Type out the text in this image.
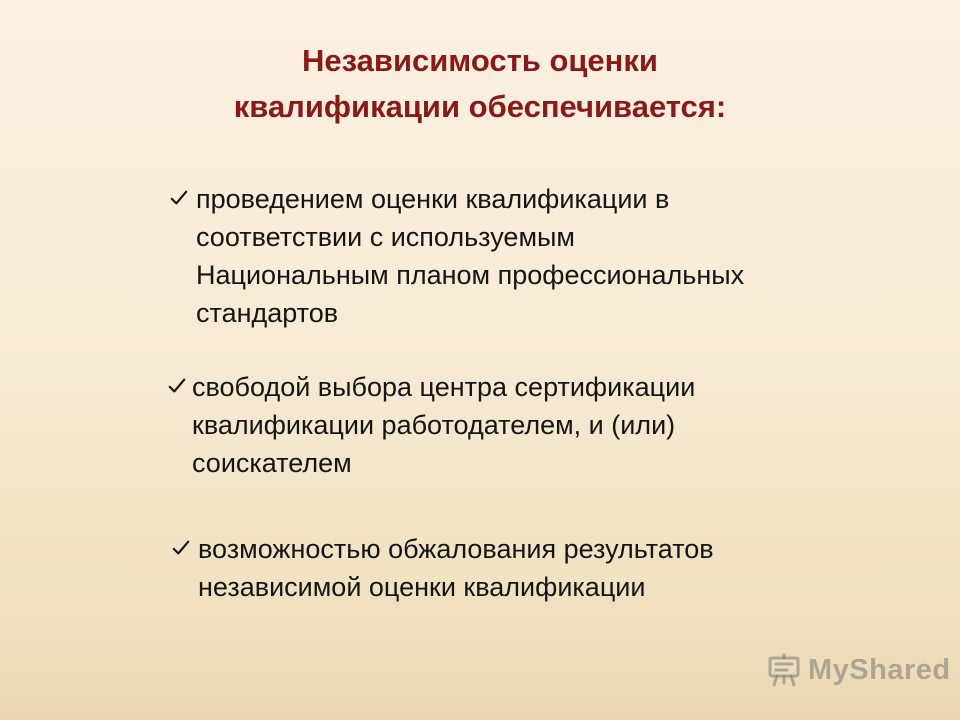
Независимость оценки
квалификации обеспечивается:
проведением оценки квалификации в
соответствии с используемым
Национальным планом профессиональных
стандартов
свободой выбора центра сертификации
квалификации работодателем, и (или)
соискателем
возможностью обжалования результатов
независимой оценки квалификации
MyShared
